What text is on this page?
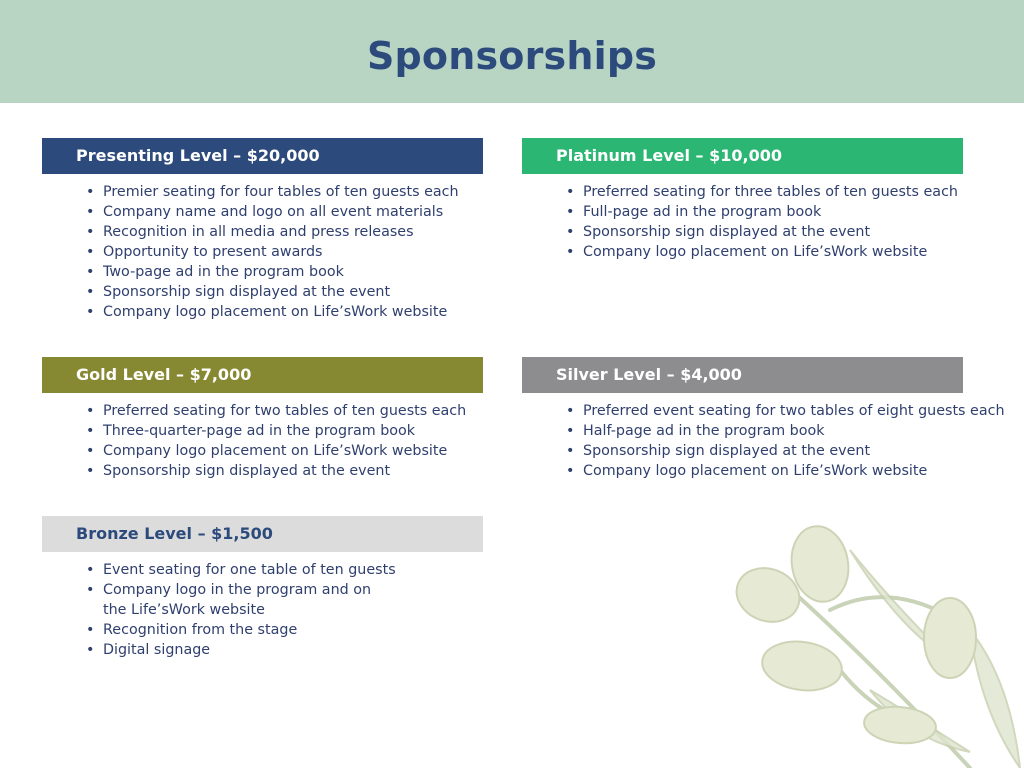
Sponsorships
Presenting Level – $20,000
• Premier seating for four tables of ten guests each
• Company name and logo on all event materials
• Recognition in all media and press releases
• Opportunity to present awards
• Two-page ad in the program book
• Sponsorship sign displayed at the event
• Company logo placement on Life’sWork website
Platinum Level – $10,000
• Preferred seating for three tables of ten guests each
• Full-page ad in the program book
• Sponsorship sign displayed at the event
• Company logo placement on Life’sWork website
Gold Level – $7,000
• Preferred seating for two tables of ten guests each
• Three-quarter-page ad in the program book
• Company logo placement on Life’sWork website
• Sponsorship sign displayed at the event
Silver Level – $4,000
• Preferred event seating for two tables of eight guests each
• Half-page ad in the program book
• Sponsorship sign displayed at the event
• Company logo placement on Life’sWork website
Bronze Level – $1,500
• Event seating for one table of ten guests
• Company logo in the program and on
the Life’sWork website
• Recognition from the stage
• Digital signage
